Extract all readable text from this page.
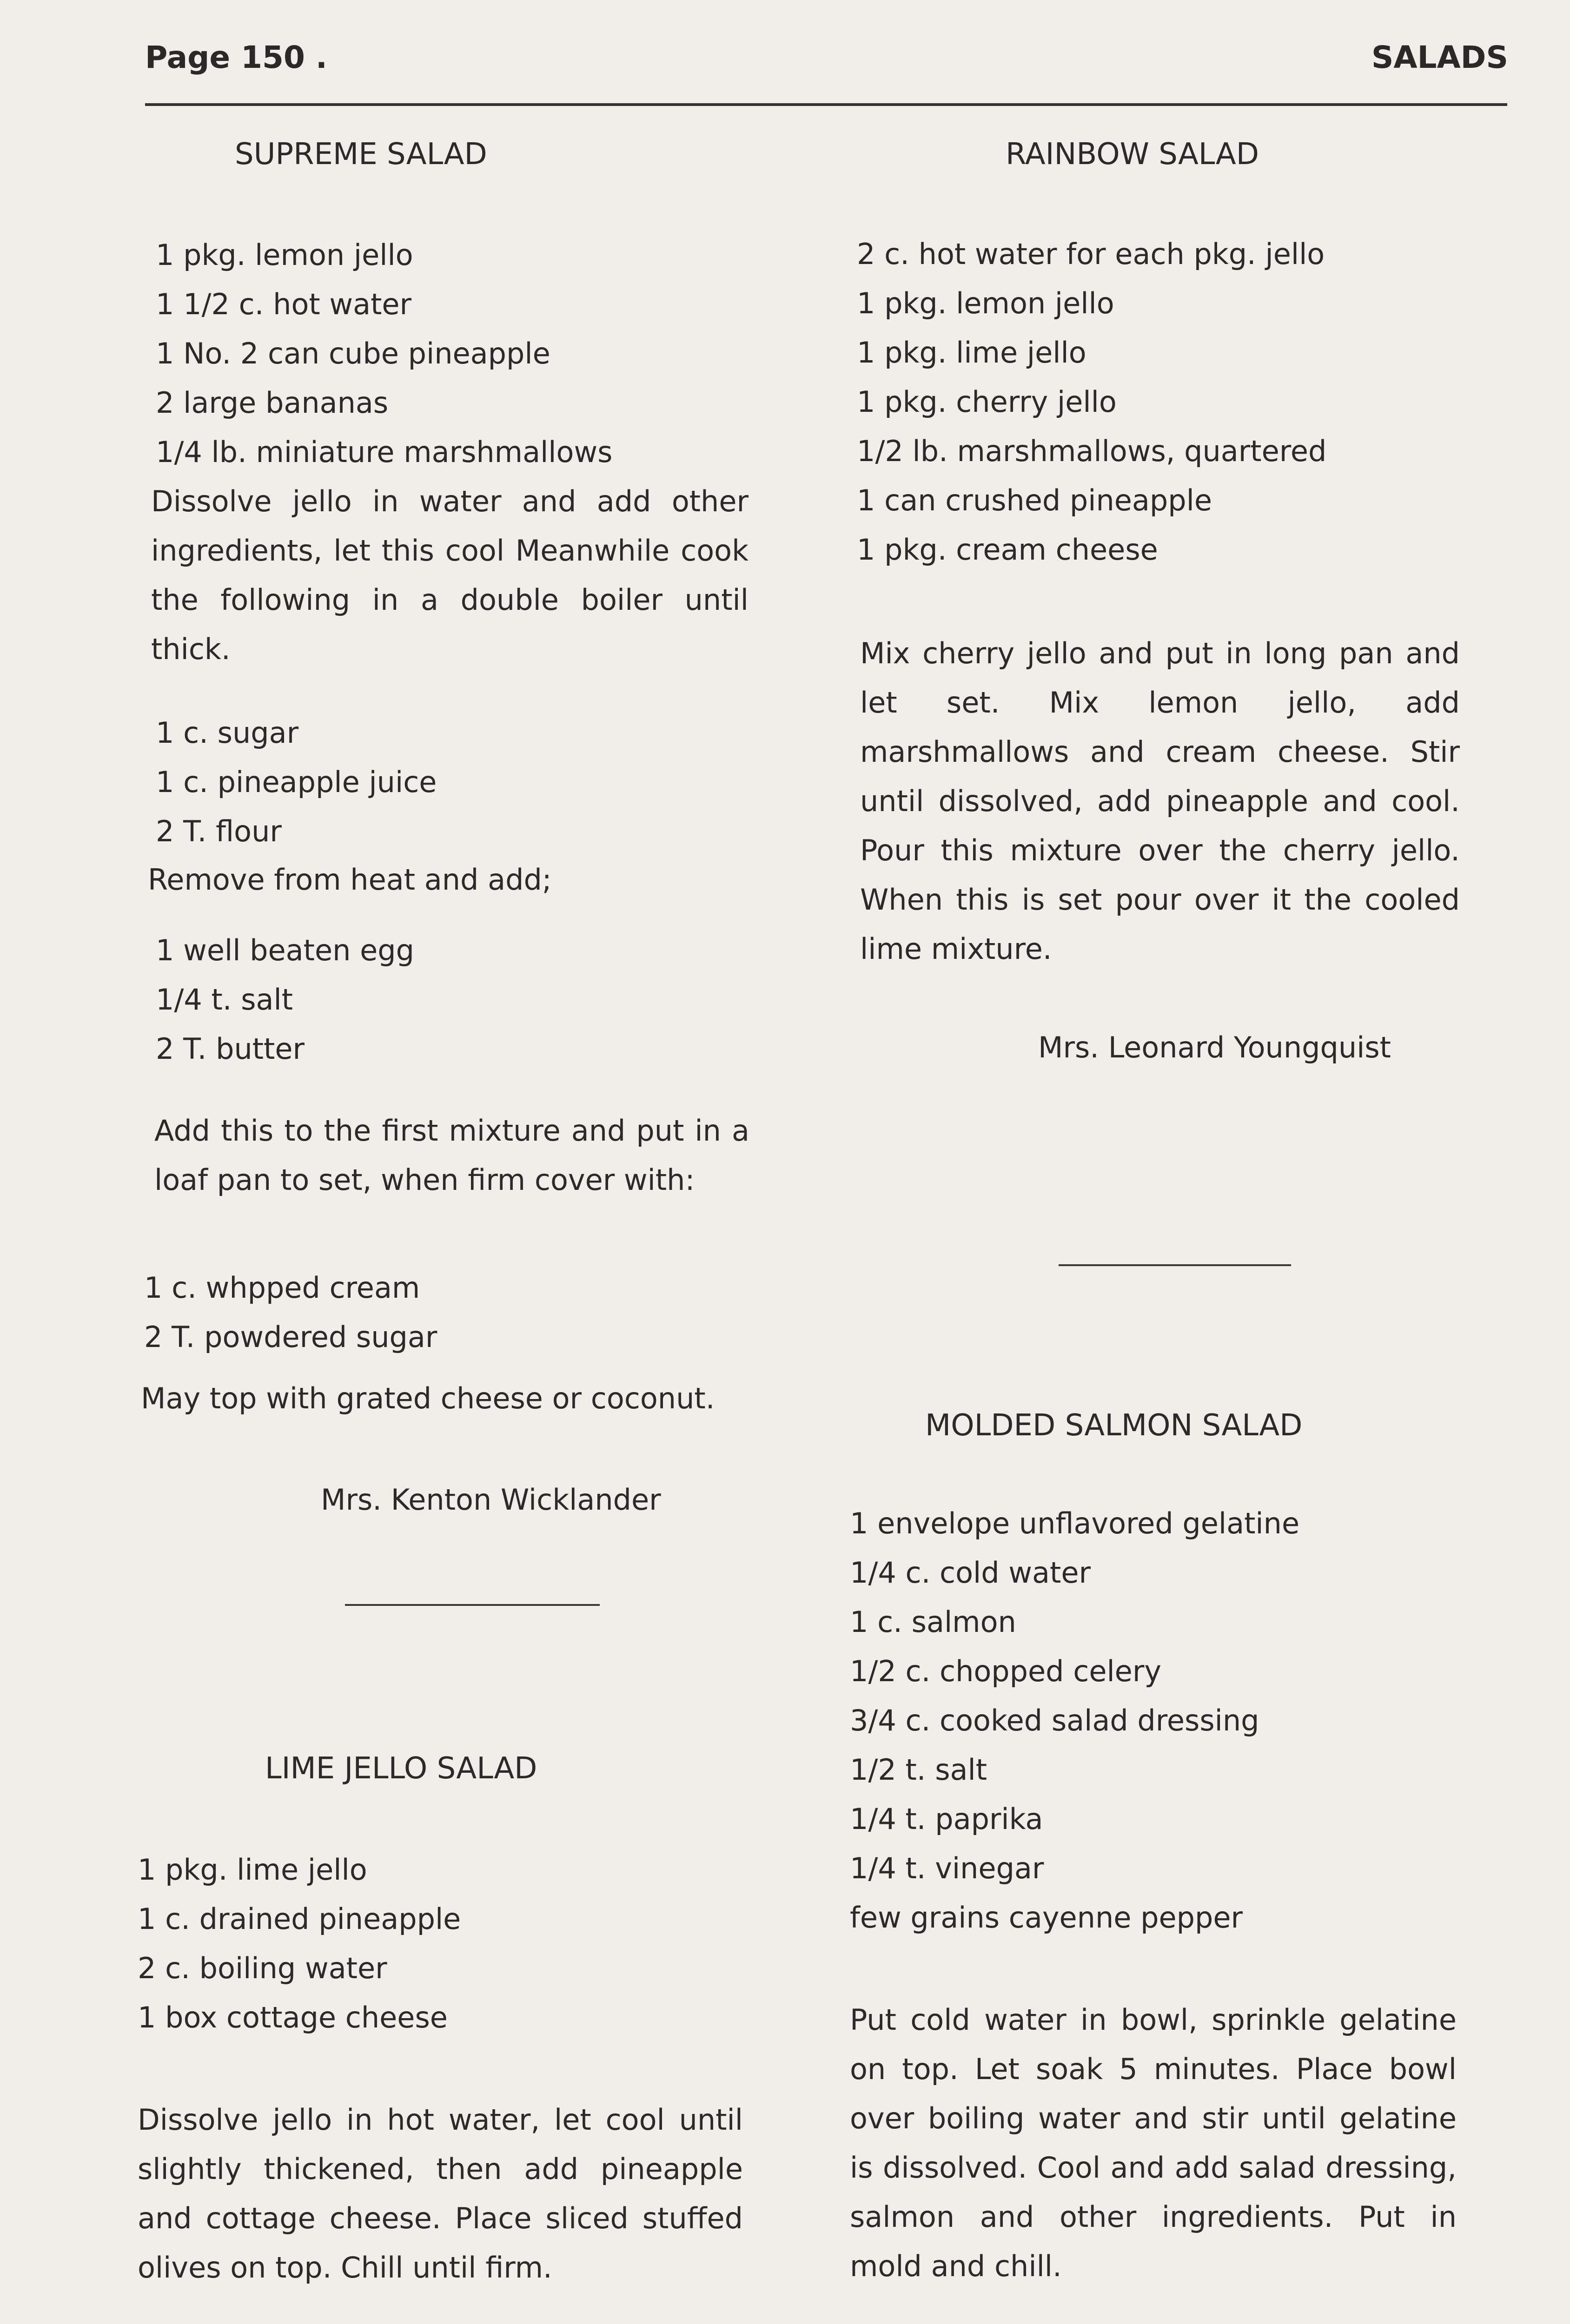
Page 150 .	SALADS
SUPREME SALAD
1 pkg. lemon jello
1 1/2 c. hot water
1 No. 2 can cube pineapple
2 large bananas
1/4 lb. miniature marshmallows
Dissolve jello in water and add other ingredients, let this cool Meanwhile cook the following in a double boiler until thick.
1 c. sugar
1 c. pineapple juice
2 T. flour
Remove from heat and add;
1 well beaten egg
1/4 t. salt
2 T. butter
Add this to the first mixture and put in a loaf pan to set, when firm cover with:
1 c. whpped cream
2 T. powdered sugar
May top with grated cheese or coconut.
Mrs. Kenton Wicklander
LIME JELLO SALAD
1 pkg. lime jello
1 c. drained pineapple
2 c. boiling water
1 box cottage cheese
Dissolve jello in hot water, let cool until slightly thickened, then add pineapple and cottage cheese. Place sliced stuffed olives on top. Chill until firm.
RAINBOW SALAD
2 c. hot water for each pkg. jello
1 pkg. lemon jello
1 pkg. lime jello
1 pkg. cherry jello
1/2 lb. marshmallows, quartered
1 can crushed pineapple
1 pkg. cream cheese
Mix cherry jello and put in long pan and let set. Mix lemon jello, add marshmallows and cream cheese. Stir until dissolved, add pineapple and cool. Pour this mixture over the cherry jello. When this is set pour over it the cooled lime mixture.
Mrs. Leonard Youngquist
MOLDED SALMON SALAD
1 envelope unflavored gelatine
1/4 c. cold water
1 c. salmon
1/2 c. chopped celery
3/4 c. cooked salad dressing
1/2 t. salt
1/4 t. paprika
1/4 t. vinegar
few grains cayenne pepper
Put cold water in bowl, sprinkle gelatine on top. Let soak 5 minutes. Place bowl over boiling water and stir until gelatine is dissolved. Cool and add salad dressing, salmon and other ingredients. Put in mold and chill.
